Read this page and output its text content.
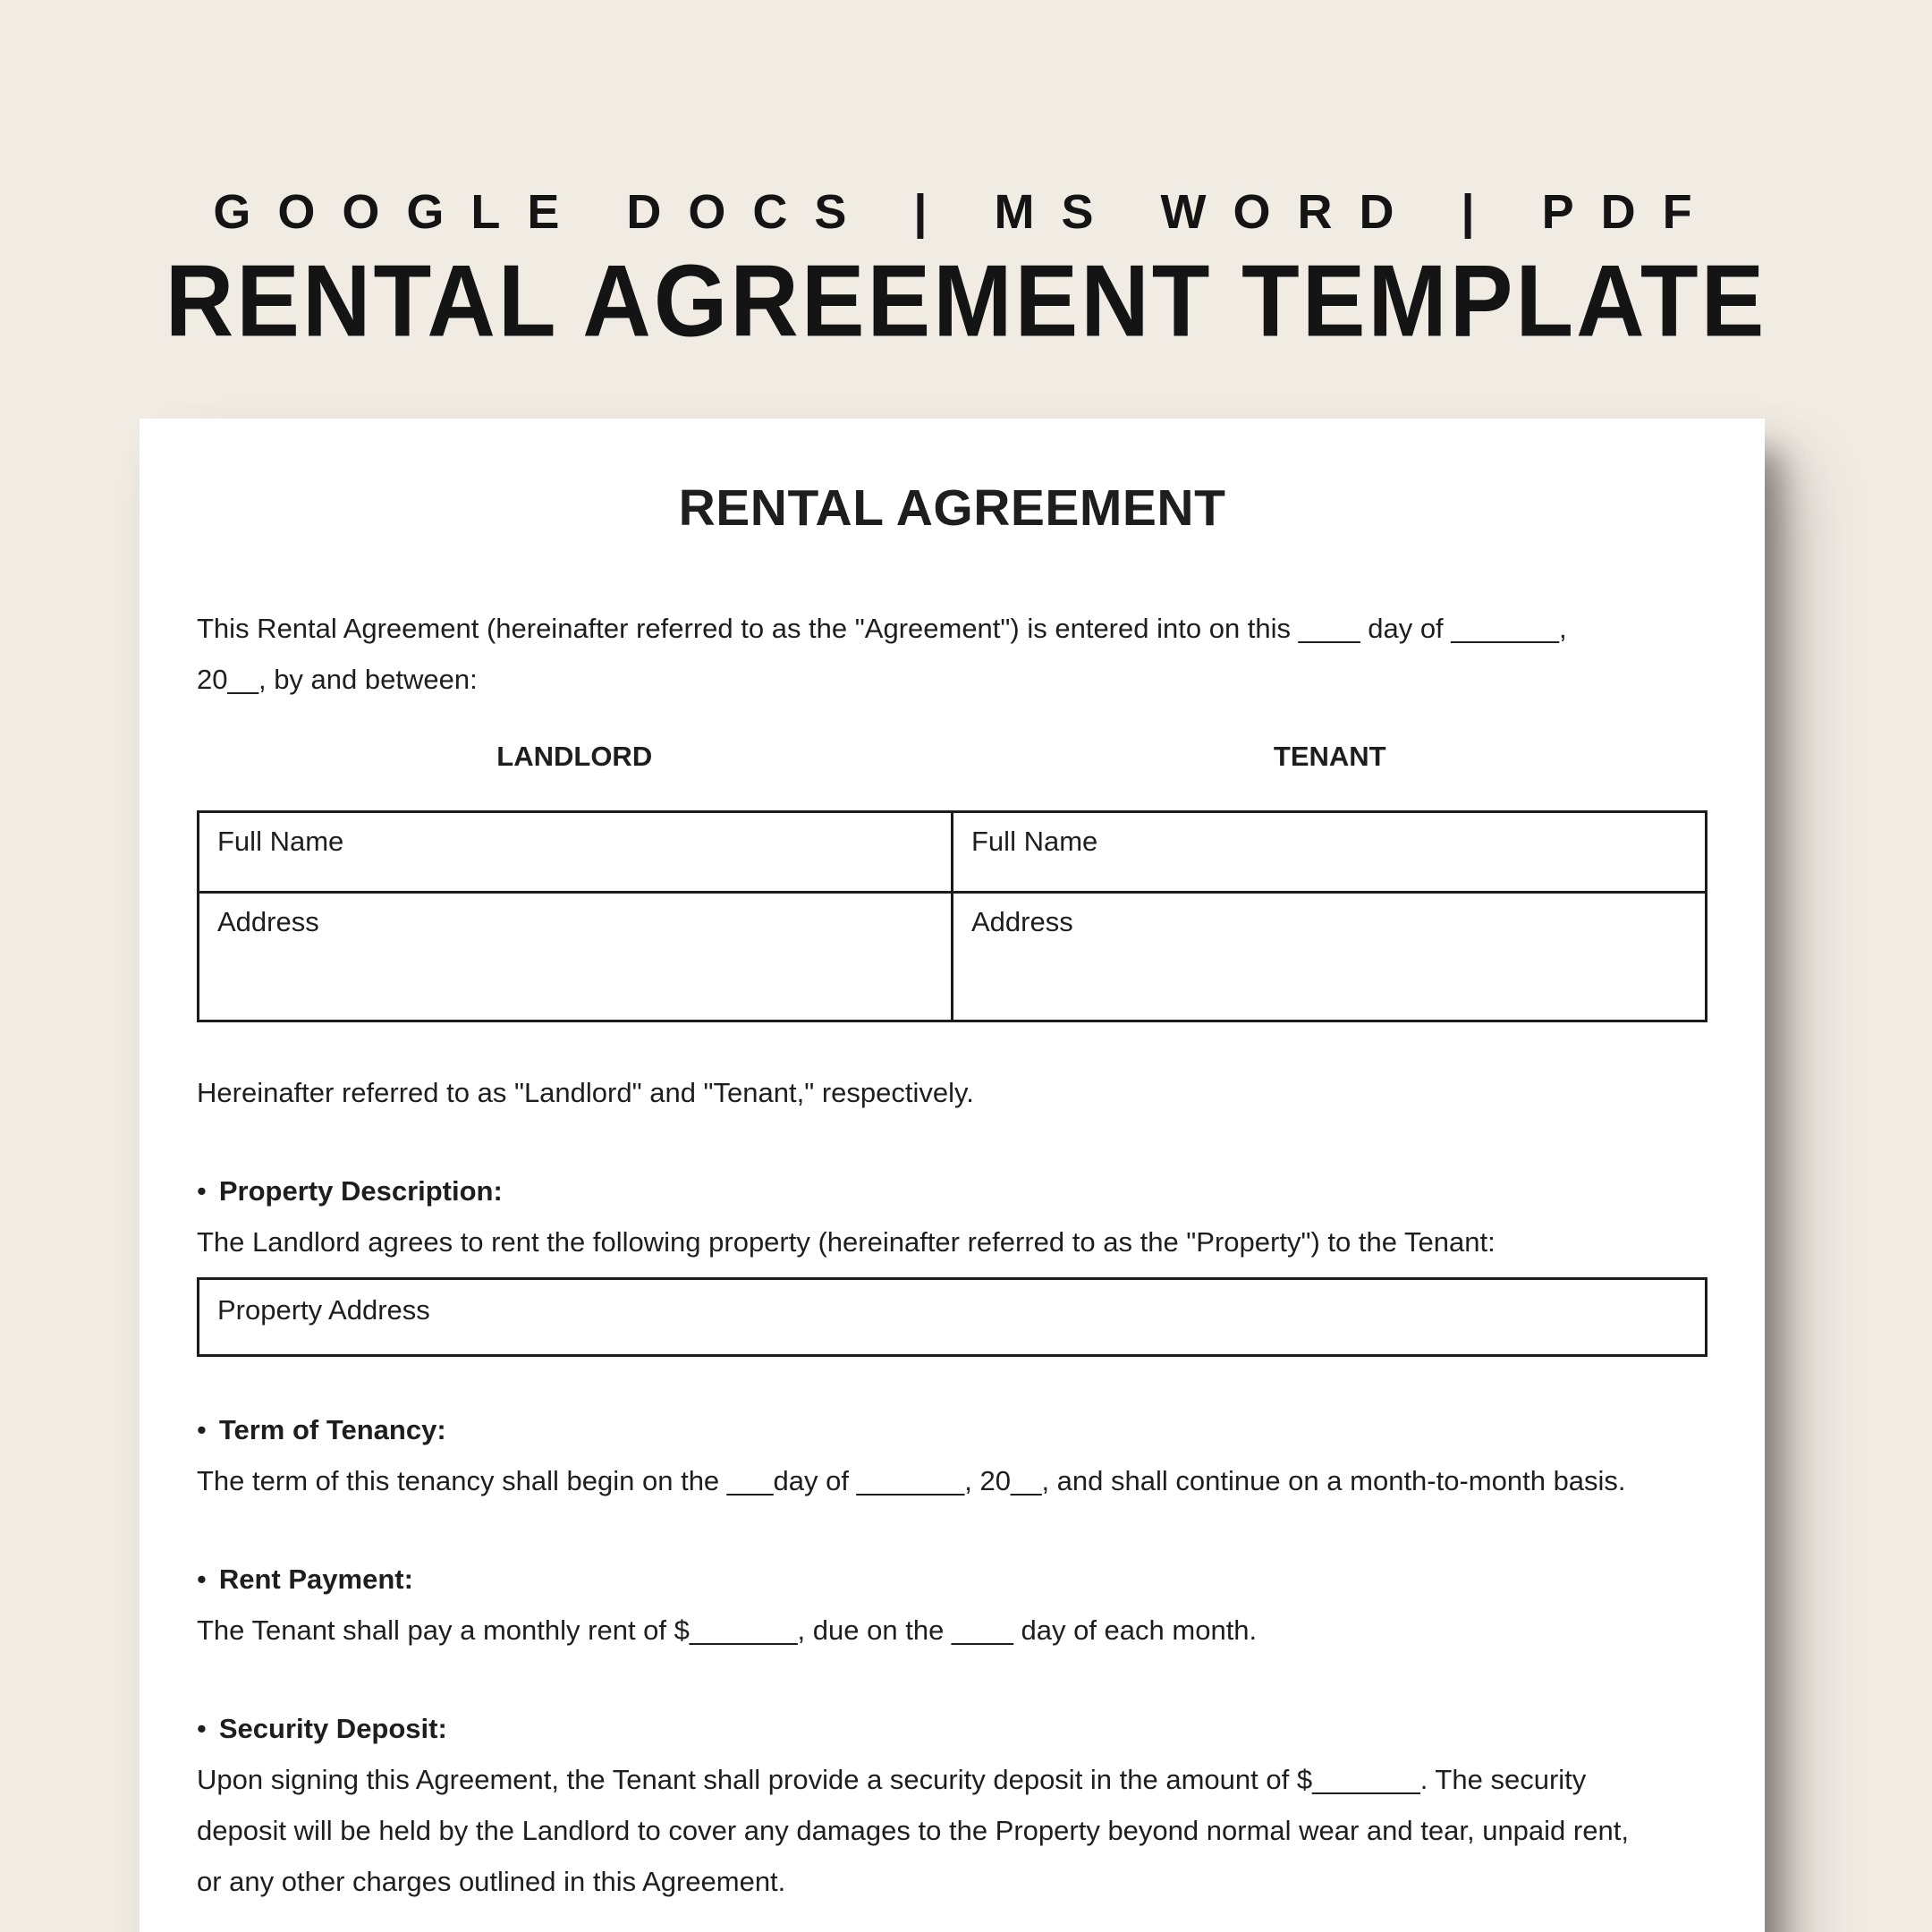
GOOGLE DOCS | MS WORD | PDF
RENTAL AGREEMENT TEMPLATE
RENTAL AGREEMENT

This Rental Agreement (hereinafter referred to as the "Agreement") is entered into on this ____ day of _______,

20__, by and between:

LANDLORD	TENANT
Full Name	Full Name
Address	Address

Hereinafter referred to as "Landlord" and "Tenant," respectively.

• Property Description:

The Landlord agrees to rent the following property (hereinafter referred to as the "Property") to the Tenant:

Property Address
• Term of Tenancy:

The term of this tenancy shall begin on the ___day of _______, 20__, and shall continue on a month-to-month basis.

• Rent Payment:

The Tenant shall pay a monthly rent of $_______, due on the ____ day of each month.

• Security Deposit:

Upon signing this Agreement, the Tenant shall provide a security deposit in the amount of $_______. The security

deposit will be held by the Landlord to cover any damages to the Property beyond normal wear and tear, unpaid rent,

or any other charges outlined in this Agreement.
